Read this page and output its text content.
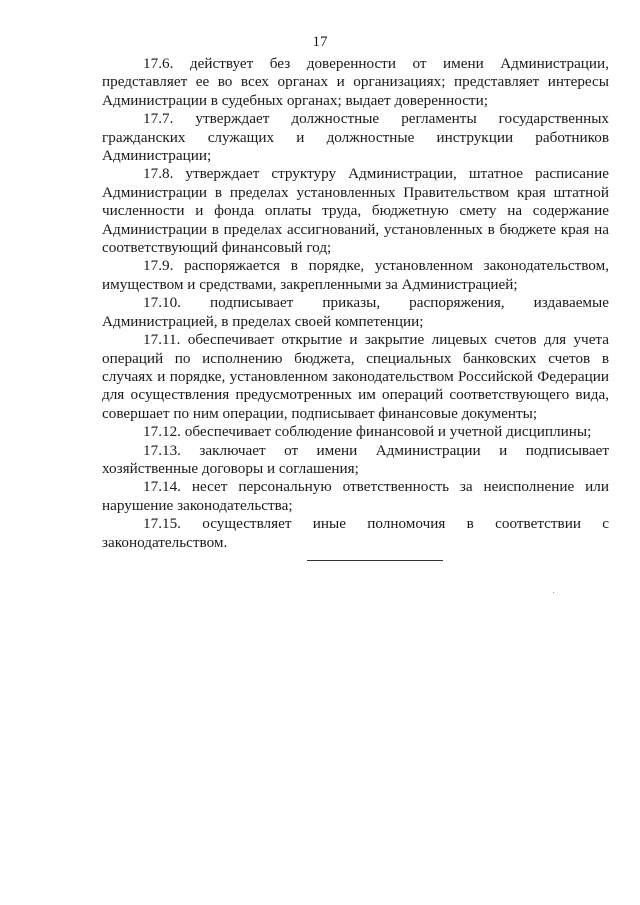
17

17.6. действует без доверенности от имени Администрации, представляет ее во всех органах и организациях; представляет интересы Администрации в судебных органах; выдает доверенности;

17.7. утверждает должностные регламенты государственных гражданских служащих и должностные инструкции работников Администрации;

17.8. утверждает структуру Администрации, штатное расписание Администрации в пределах установленных Правительством края штатной численности и фонда оплаты труда, бюджетную смету на содержание Администрации в пределах ассигнований, установленных в бюджете края на соответствующий финансовый год;

17.9. распоряжается в порядке, установленном законодательством, имуществом и средствами, закрепленными за Администрацией;

17.10. подписывает приказы, распоряжения, издаваемые Администрацией, в пределах своей компетенции;

17.11. обеспечивает открытие и закрытие лицевых счетов для учета операций по исполнению бюджета, специальных банковских счетов в случаях и порядке, установленном законодательством Российской Федерации для осуществления предусмотренных им операций соответствующего вида, совершает по ним операции, подписывает финансовые документы;

17.12. обеспечивает соблюдение финансовой и учетной дисциплины;

17.13. заключает от имени Администрации и подписывает хозяйственные договоры и соглашения;

17.14. несет персональную ответственность за неисполнение или нарушение законодательства;

17.15. осуществляет иные полномочия в соответствии с законодательством.
